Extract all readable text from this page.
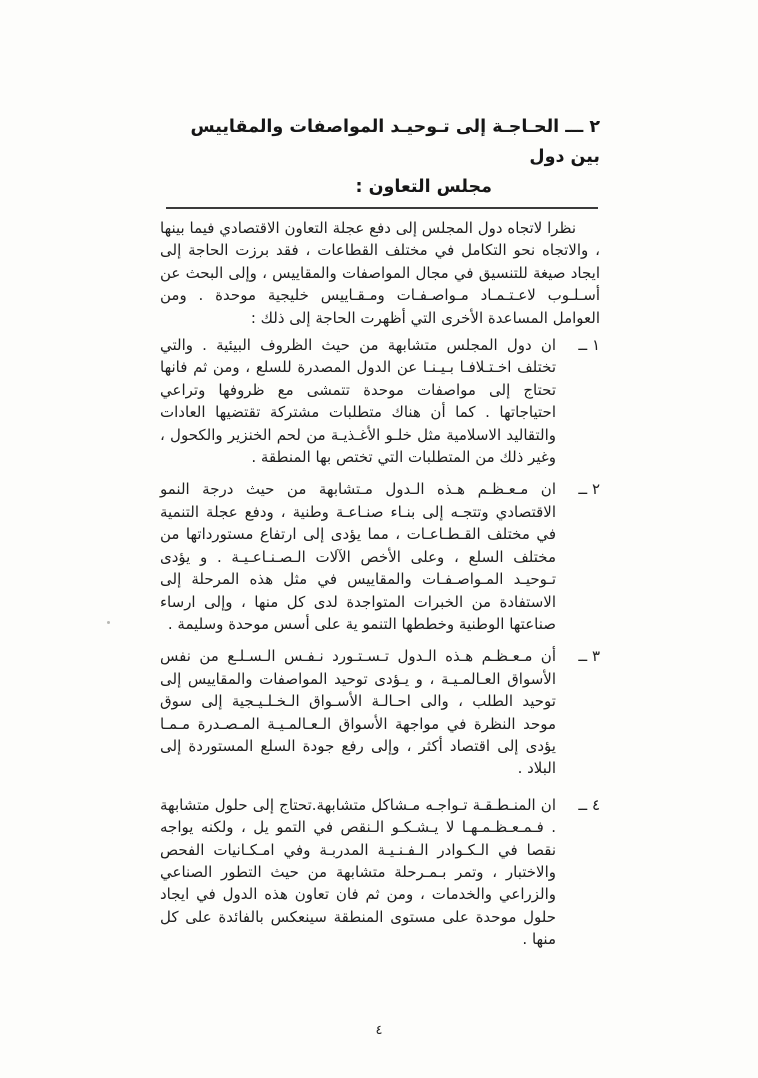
٢ ـــ الحـاجـة إلى تـوحيـد المواصفات والمقاييس بين دول
مجلس التعاون :

نظرا لاتجاه دول المجلس إلى دفع عجلة التعاون الاقتصادي فيما بينها ، والاتجاه نحو التكامل في مختلف القطاعات ، فقد برزت الحاجة إلى ايجاد صيغة للتنسيق في مجال المواصفات والمقاييس ، وإلى البحث عن أسـلـوب لاعـتـمـاد مـواصـفـات ومـقـاييس خليجية موحدة . ومن العوامل المساعدة الأخرى التي أظهرت الحاجة إلى ذلك :

١ ــ
ان دول المجلس متشابهة من حيث الظروف البيئية . والتي تختلف اخـتـلافـا بـيـنـا عن الدول المصدرة للسلع ، ومن ثم فانها تحتاج إلى مواصفات موحدة تتمشى مع ظروفها وتراعي احتياجاتها . كما أن هناك متطلبات مشتركة تقتضيها العادات والتقاليد الاسلامية مثل خلـو الأغـذيـة من لحم الخنزير والكحول ، وغير ذلك من المتطلبات التي تختص بها المنطقة .
٢ ــ
ان مـعـظـم هـذه الـدول مـتشابهة من حيث درجة النمو الاقتصادي وتتجـه إلى بنـاء صنـاعـة وطنية ، ودفع عجلة التنمية في مختلف القـطـاعـات ، مما يؤدى إلى ارتفاع مستورداتها من مختلف السلع ، وعلى الأخص الآلات الـصـنـاعـيـة . و يؤدى تـوحيـد المـواصـفـات والمقاييس في مثل هذه المرحلة إلى الاستفادة من الخبرات المتواجدة لدى كل منها ، وإلى ارساء صناعتها الوطنية وخططها التنمو ية على أسس موحدة وسليمة .
٣ ــ
أن مـعـظـم هـذه الـدول تـسـتـورد نـفـس الـسـلـع من نفس الأسواق العـالمـيـة ، و يـؤدى توحيد المواصفات والمقاييس إلى توحيد الطلب ، والى احـالـة الأسـواق الـخـلـيـجية إلى سوق موحد النظرة في مواجهة الأسواق الـعـالمـيـة المـصـدرة مـمـا يؤدى إلى اقتصاد أكثر ، وإلى رفع جودة السلع المستوردة إلى البلاد .
٤ ــ
ان المنـطـقـة تـواجـه مـشاكل متشابهة.تحتاج إلى حلول متشابهة . فـمـعـظـمـهـا لا يـشـكـو الـنقص في التمو يل ، ولكنه يواجه نقصا في الـكـوادر الـفـنـيـة المدربـة وفي امـكـانيات الفحص والاختبار ، وتمر بـمـرحلة متشابهة من حيث التطور الصناعي والزراعي والخدمات ، ومن ثم فان تعاون هذه الدول في ايجاد حلول موحدة على مستوى المنطقة سينعكس بالفائدة على كل منها .
٤
